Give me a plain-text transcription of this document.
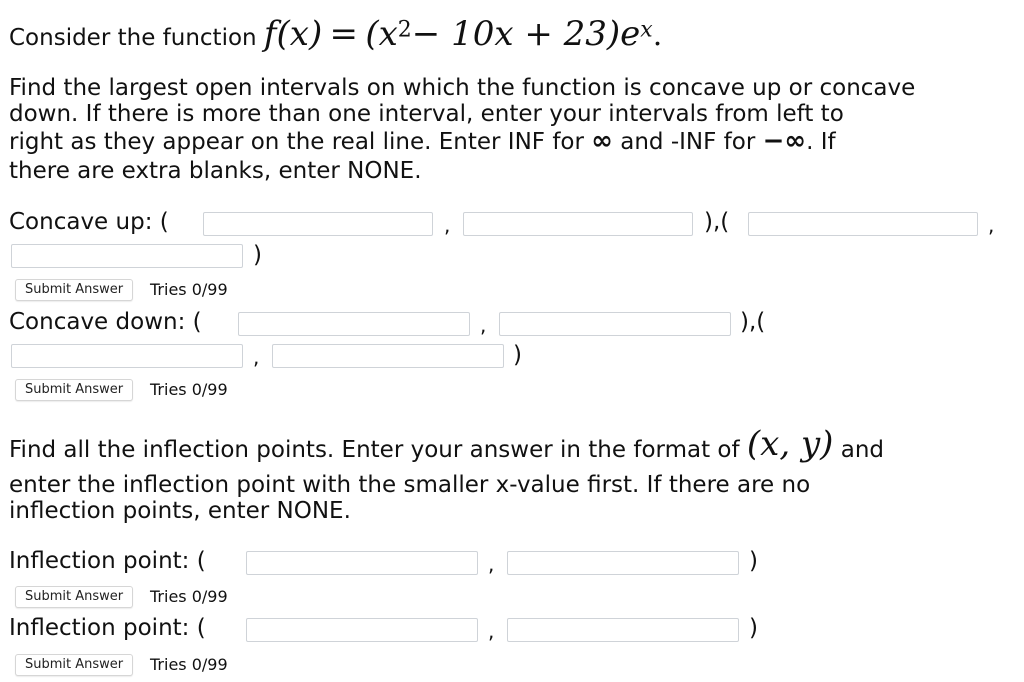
Consider the function $f(x) = (x^2- 10x + 23)e^x$.
Find the largest open intervals on which the function is concave up or concave
down. If there is more than one interval, enter your intervals from left to
right as they appear on the real line. Enter INF for ∞ and -INF for −∞. If
there are extra blanks, enter NONE.
Concave up: (	,	),(	,
)
Submit Answer	Tries 0/99
Concave down: (	,	),(
,	)
Submit Answer	Tries 0/99
Find all the inflection points. Enter your answer in the format of (x, y) and
enter the inflection point with the smaller x-value first. If there are no
inflection points, enter NONE.
Inflection point: (	,	)
Submit Answer	Tries 0/99
Inflection point: (	,	)
Submit Answer	Tries 0/99
